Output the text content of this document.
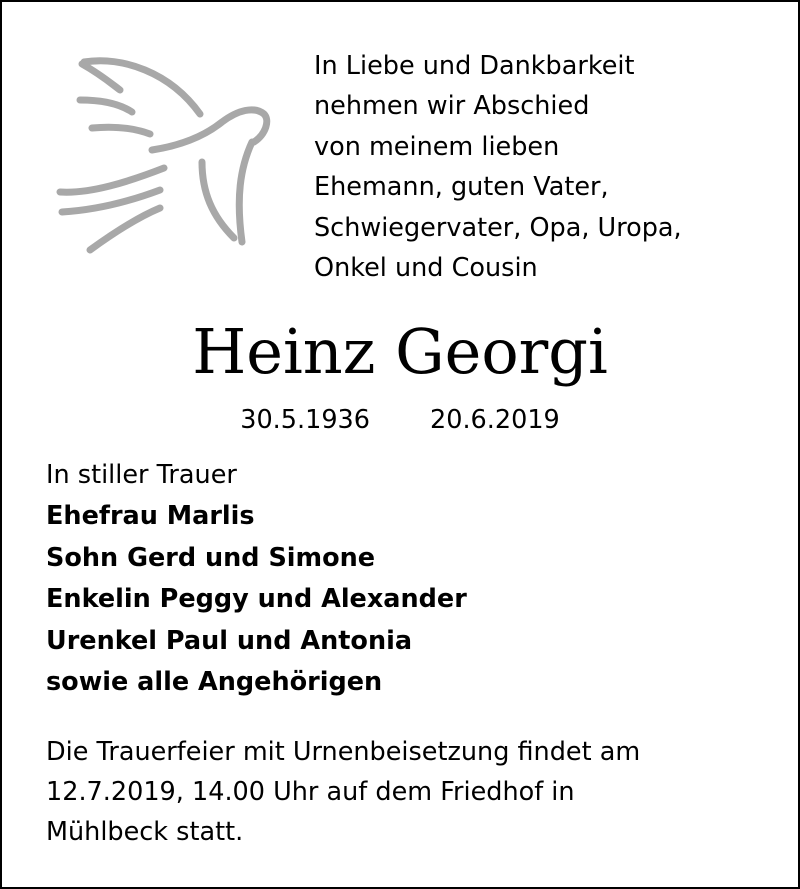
In Liebe und Dankbarkeit
nehmen wir Abschied
von meinem lieben
Ehemann, guten Vater,
Schwiegervater, Opa, Uropa,
Onkel und Cousin
Heinz Georgi
30.5.1936 20.6.2019
In stiller Trauer
Ehefrau Marlis
Sohn Gerd und Simone
Enkelin Peggy und Alexander
Urenkel Paul und Antonia
sowie alle Angehörigen
Die Trauerfeier mit Urnenbeisetzung findet am
12.7.2019, 14.00 Uhr auf dem Friedhof in
Mühlbeck statt.
